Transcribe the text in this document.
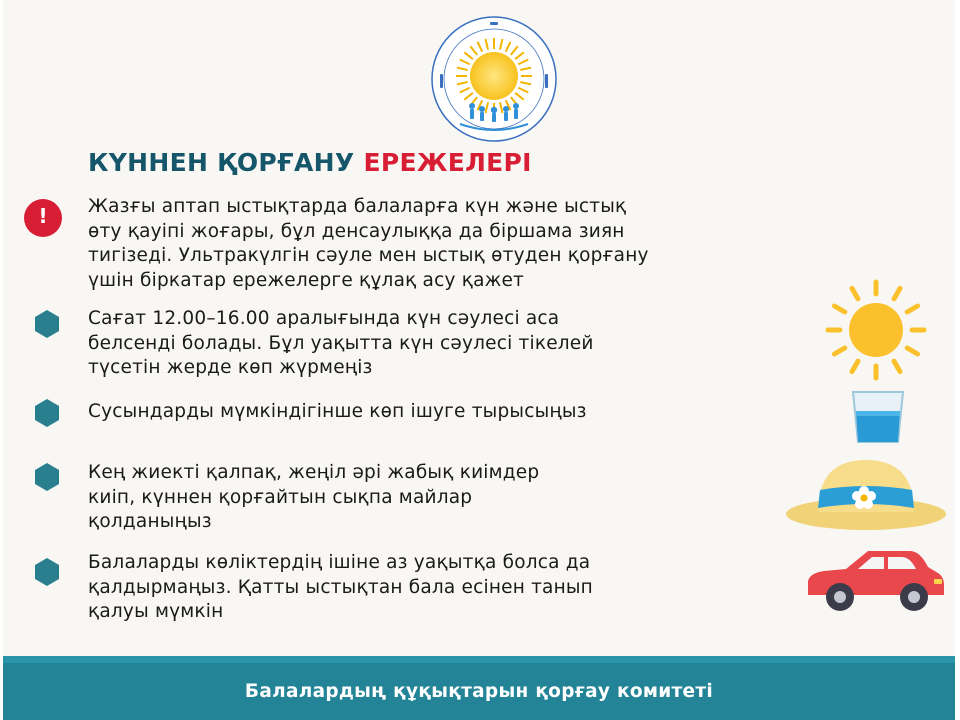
КҮННЕН ҚОРҒАНУ ЕРЕЖЕЛЕРІ
!	Жазғы аптап ыстықтарда балаларға күн және ыстық
өту қауіпі жоғары, бұл денсаулыққа да біршама зиян
тигізеді. Ультракүлгін сәуле мен ыстық өтуден қорғану
үшін біркатар ережелерге құлақ асу қажет
Сағат 12.00–16.00 аралығында күн сәулесі аса
белсенді болады. Бұл уақытта күн сәулесі тікелей
түсетін жерде көп жүрмеңіз
Сусындарды мүмкіндігінше көп ішуге тырысыңыз
Кең жиекті қалпақ, жеңіл әрі жабық киімдер
киіп, күннен қорғайтын сықпа майлар
қолданыңыз
Балаларды көліктердің ішіне аз уақытқа болса да
қалдырмаңыз. Қатты ыстықтан бала есінен танып
қалуы мүмкін
Балалардың құқықтарын қорғау комитеті
